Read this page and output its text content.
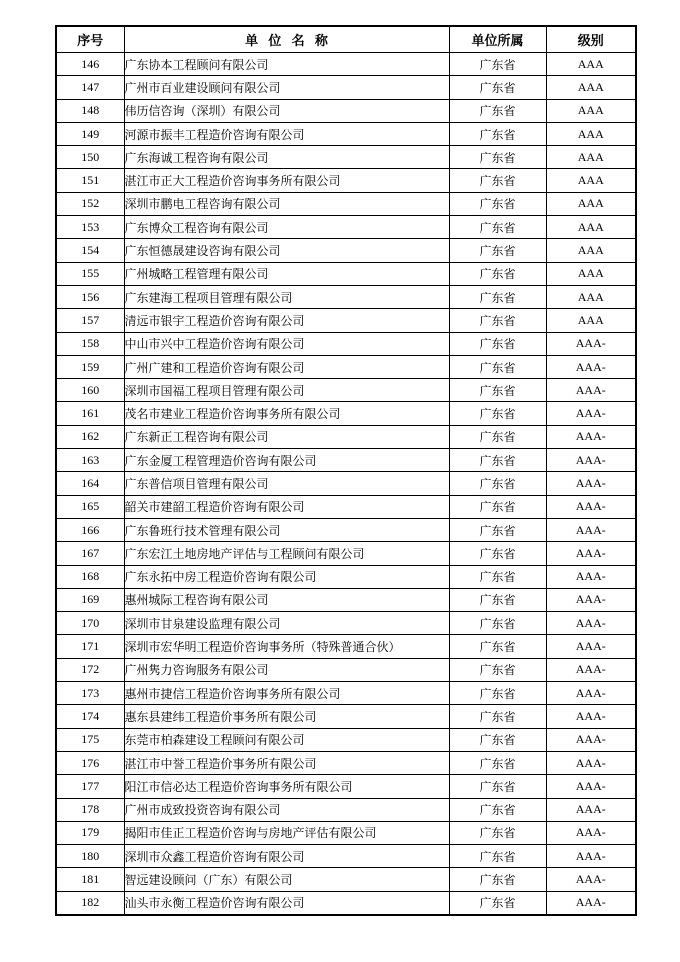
序号	单 位 名 称	单位所属	级别
146	广东协本工程顾问有限公司	广东省	AAA
147	广州市百业建设顾问有限公司	广东省	AAA
148	伟历信咨询（深圳）有限公司	广东省	AAA
149	河源市振丰工程造价咨询有限公司	广东省	AAA
150	广东海诚工程咨询有限公司	广东省	AAA
151	湛江市正大工程造价咨询事务所有限公司	广东省	AAA
152	深圳市鹏电工程咨询有限公司	广东省	AAA
153	广东博众工程咨询有限公司	广东省	AAA
154	广东恒德晟建设咨询有限公司	广东省	AAA
155	广州城略工程管理有限公司	广东省	AAA
156	广东建海工程项目管理有限公司	广东省	AAA
157	清远市银宇工程造价咨询有限公司	广东省	AAA
158	中山市兴中工程造价咨询有限公司	广东省	AAA-
159	广州广建和工程造价咨询有限公司	广东省	AAA-
160	深圳市国福工程项目管理有限公司	广东省	AAA-
161	茂名市建业工程造价咨询事务所有限公司	广东省	AAA-
162	广东新正工程咨询有限公司	广东省	AAA-
163	广东金厦工程管理造价咨询有限公司	广东省	AAA-
164	广东普信项目管理有限公司	广东省	AAA-
165	韶关市建韶工程造价咨询有限公司	广东省	AAA-
166	广东鲁班行技术管理有限公司	广东省	AAA-
167	广东宏江土地房地产评估与工程顾问有限公司	广东省	AAA-
168	广东永拓中房工程造价咨询有限公司	广东省	AAA-
169	惠州城际工程咨询有限公司	广东省	AAA-
170	深圳市甘泉建设监理有限公司	广东省	AAA-
171	深圳市宏华明工程造价咨询事务所（特殊普通合伙）	广东省	AAA-
172	广州隽力咨询服务有限公司	广东省	AAA-
173	惠州市捷信工程造价咨询事务所有限公司	广东省	AAA-
174	惠东县建纬工程造价事务所有限公司	广东省	AAA-
175	东莞市柏森建设工程顾问有限公司	广东省	AAA-
176	湛江市中誉工程造价事务所有限公司	广东省	AAA-
177	阳江市信必达工程造价咨询事务所有限公司	广东省	AAA-
178	广州市成致投资咨询有限公司	广东省	AAA-
179	揭阳市佳正工程造价咨询与房地产评估有限公司	广东省	AAA-
180	深圳市众鑫工程造价咨询有限公司	广东省	AAA-
181	智远建设顾问（广东）有限公司	广东省	AAA-
182	汕头市永衡工程造价咨询有限公司	广东省	AAA-
